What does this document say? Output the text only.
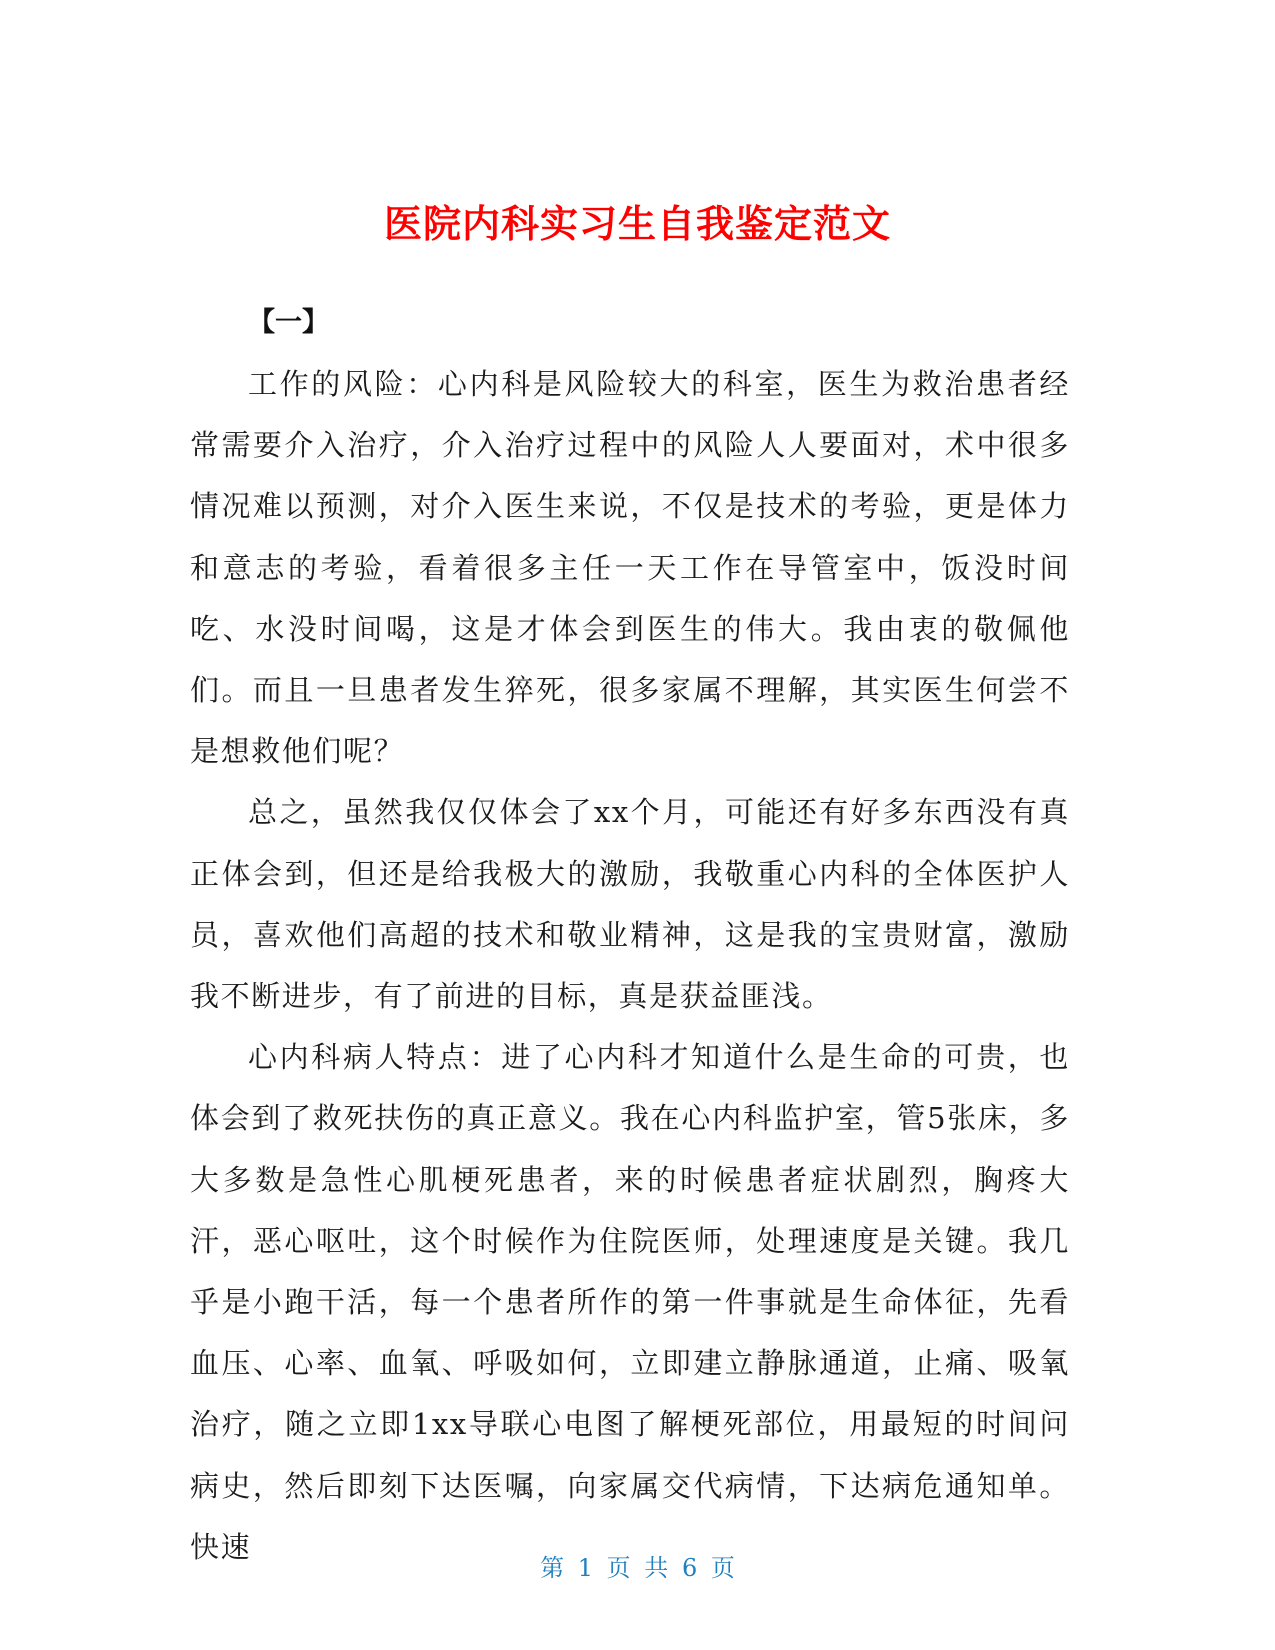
医院内科实习生自我鉴定范文
【一】

工作的风险：心内科是风险较大的科室，医生为救治患者经常需要介入治疗，介入治疗过程中的风险人人要面对，术中很多情况难以预测，对介入医生来说，不仅是技术的考验，更是体力和意志的考验，看着很多主任一天工作在导管室中，饭没时间吃、水没时间喝，这是才体会到医生的伟大。我由衷的敬佩他们。而且一旦患者发生猝死，很多家属不理解，其实医生何尝不是想救他们呢？

总之，虽然我仅仅体会了xx个月，可能还有好多东西没有真正体会到，但还是给我极大的激励，我敬重心内科的全体医护人员，喜欢他们高超的技术和敬业精神，这是我的宝贵财富，激励我不断进步，有了前进的目标，真是获益匪浅。

心内科病人特点：进了心内科才知道什么是生命的可贵，也体会到了救死扶伤的真正意义。我在心内科监护室，管5张床，多大多数是急性心肌梗死患者，来的时候患者症状剧烈，胸疼大汗，恶心呕吐，这个时候作为住院医师，处理速度是关键。我几乎是小跑干活，每一个患者所作的第一件事就是生命体征，先看血压、心率、血氧、呼吸如何，立即建立静脉通道，止痛、吸氧治疗，随之立即1xx导联心电图了解梗死部位，用最短的时间问病史，然后即刻下达医嘱，向家属交代病情，下达病危通知单。快速

第 1 页 共 6 页
